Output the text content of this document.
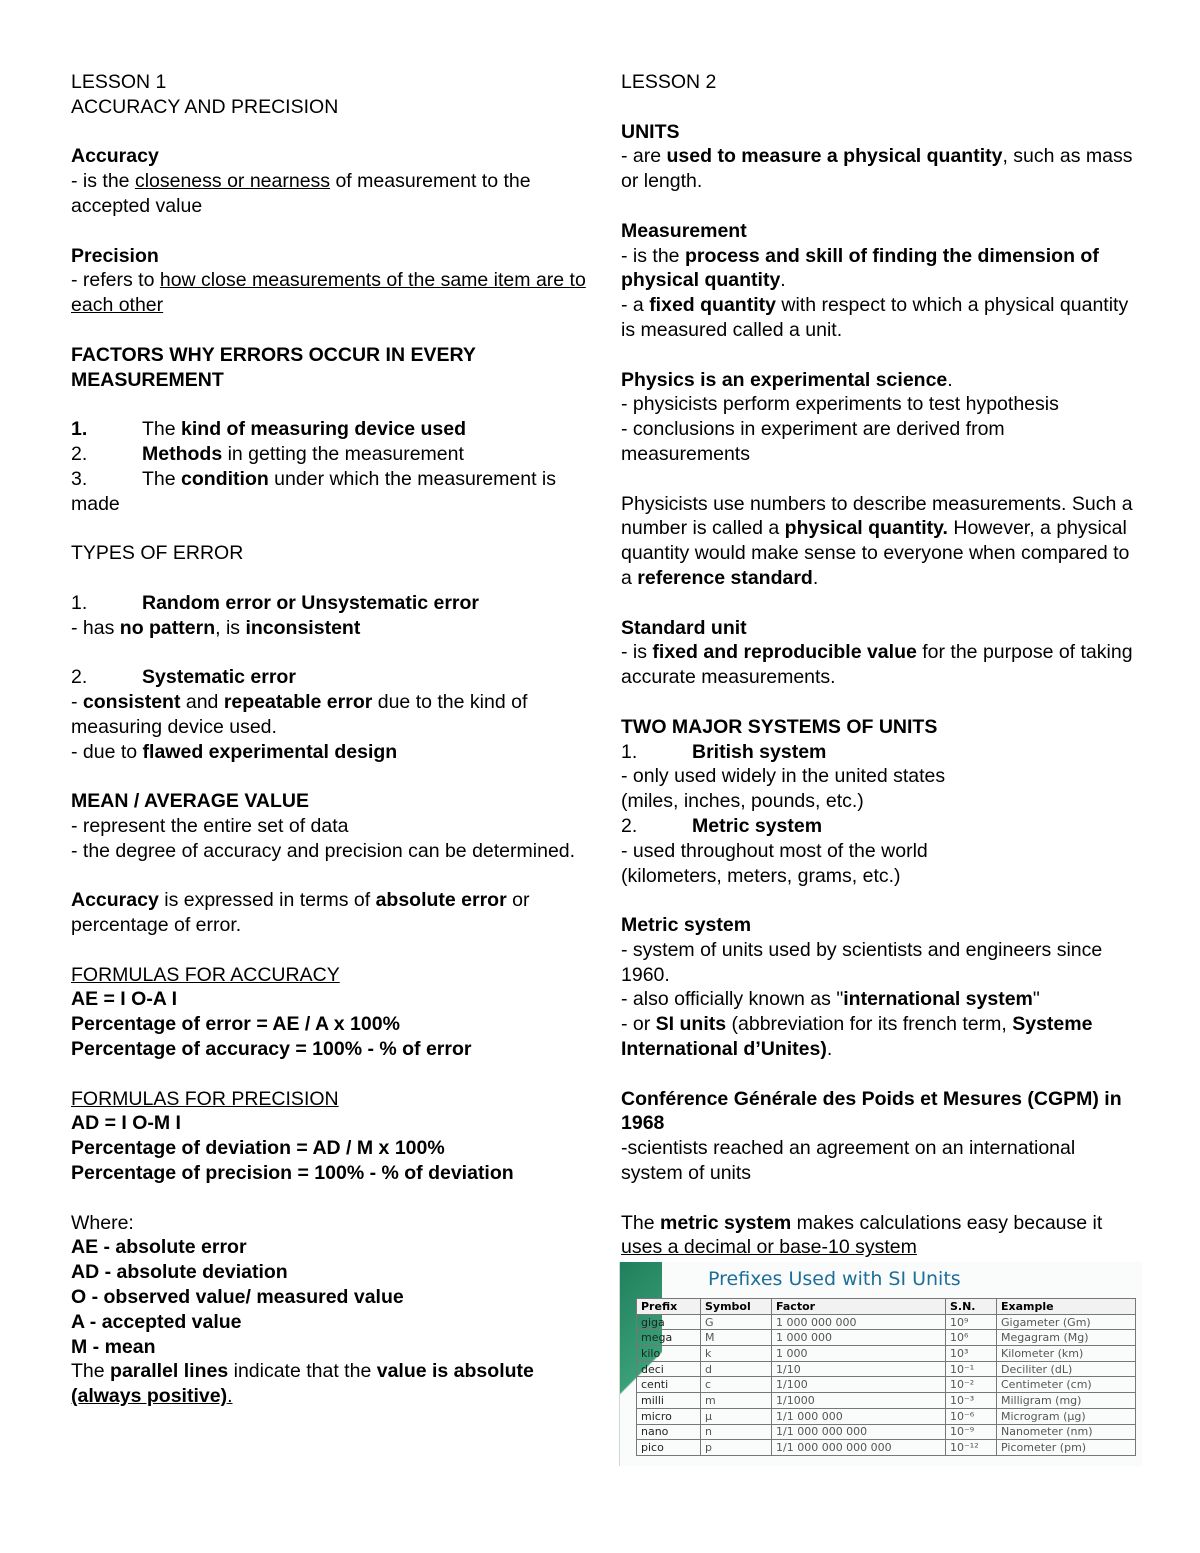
LESSON 1
ACCURACY AND PRECISION
Accuracy
- is the closeness or nearness of measurement to the accepted value
Precision
- refers to how close measurements of the same item are to each other
FACTORS WHY ERRORS OCCUR IN EVERY MEASUREMENT
1.	The kind of measuring device used
2.	Methods in getting the measurement
3.	The condition under which the measurement is made
TYPES OF ERROR
1.	Random error or Unsystematic error
- has no pattern, is inconsistent
2.	Systematic error
- consistent and repeatable error due to the kind of measuring device used.
- due to flawed experimental design
MEAN / AVERAGE VALUE
- represent the entire set of data
- the degree of accuracy and precision can be determined.
Accuracy is expressed in terms of absolute error or percentage of error.
FORMULAS FOR ACCURACY
AE = I O-A I
Percentage of error = AE / A x 100%
Percentage of accuracy = 100% - % of error
FORMULAS FOR PRECISION
AD = I O-M I
Percentage of deviation = AD / M x 100%
Percentage of precision = 100% - % of deviation
Where:
AE - absolute error
AD - absolute deviation
O - observed value/ measured value
A - accepted value
M - mean
The parallel lines indicate that the value is absolute (always positive).
LESSON 2
UNITS
- are used to measure a physical quantity, such as mass or length.
Measurement
- is the process and skill of finding the dimension of physical quantity.
- a fixed quantity with respect to which a physical quantity is measured called a unit.
Physics is an experimental science.
- physicists perform experiments to test hypothesis
- conclusions in experiment are derived from measurements
Physicists use numbers to describe measurements. Such a number is called a physical quantity. However, a physical quantity would make sense to everyone when compared to a reference standard.
Standard unit
- is fixed and reproducible value for the purpose of taking accurate measurements.
TWO MAJOR SYSTEMS OF UNITS
1.	British system
- only used widely in the united states
(miles, inches, pounds, etc.)
2.	Metric system
- used throughout most of the world
(kilometers, meters, grams, etc.)
Metric system
- system of units used by scientists and engineers since 1960.
- also officially known as "international system"
- or SI units (abbreviation for its french term, Systeme International d’Unites).
Conférence Générale des Poids et Mesures (CGPM) in 1968
-scientists reached an agreement on an international system of units
The metric system makes calculations easy because it uses a decimal or base-10 system
Prefixes Used with SI Units
Prefix	Symbol	Factor	S.N.	Example
giga	G	1 000 000 000	10⁹	Gigameter (Gm)
mega	M	1 000 000	10⁶	Megagram (Mg)
kilo	k	1 000	10³	Kilometer (km)
deci	d	1/10	10⁻¹	Deciliter (dL)
centi	c	1/100	10⁻²	Centimeter (cm)
milli	m	1/1000	10⁻³	Milligram (mg)
micro	μ	1/1 000 000	10⁻⁶	Microgram (μg)
nano	n	1/1 000 000 000	10⁻⁹	Nanometer (nm)
pico	p	1/1 000 000 000 000	10⁻¹²	Picometer (pm)
